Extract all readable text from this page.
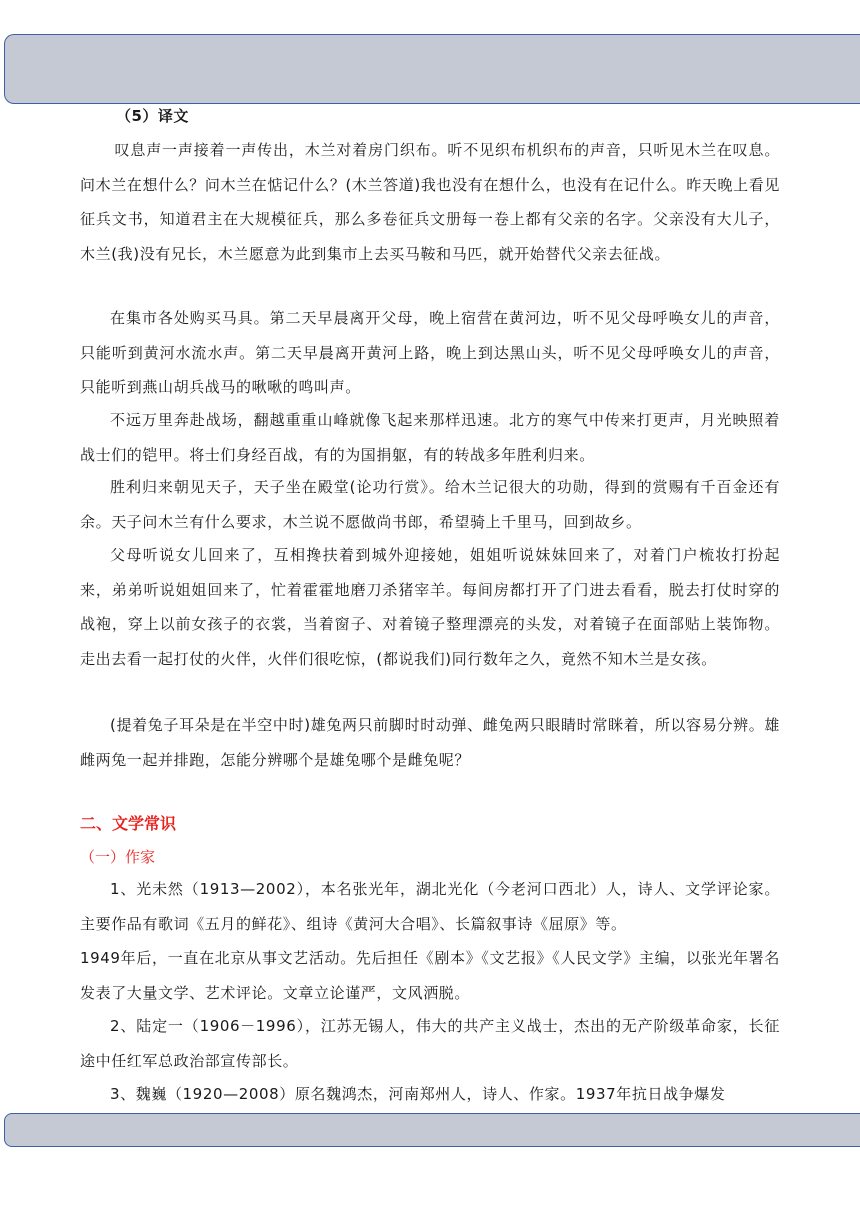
（5）译文

叹息声一声接着一声传出，木兰对着房门织布。听不见织布机织布的声音，只听见木兰在叹息。问木兰在想什么？问木兰在惦记什么？(木兰答道)我也没有在想什么，也没有在记什么。昨天晚上看见征兵文书，知道君主在大规模征兵，那么多卷征兵文册每一卷上都有父亲的名字。父亲没有大儿子，木兰(我)没有兄长，木兰愿意为此到集市上去买马鞍和马匹，就开始替代父亲去征战。

在集市各处购买马具。第二天早晨离开父母，晚上宿营在黄河边，听不见父母呼唤女儿的声音，只能听到黄河水流水声。第二天早晨离开黄河上路，晚上到达黑山头，听不见父母呼唤女儿的声音，只能听到燕山胡兵战马的啾啾的鸣叫声。

不远万里奔赴战场，翻越重重山峰就像飞起来那样迅速。北方的寒气中传来打更声，月光映照着战士们的铠甲。将士们身经百战，有的为国捐躯，有的转战多年胜利归来。

胜利归来朝见天子，天子坐在殿堂(论功行赏》。给木兰记很大的功勋，得到的赏赐有千百金还有余。天子问木兰有什么要求，木兰说不愿做尚书郎，希望骑上千里马，回到故乡。

父母听说女儿回来了，互相搀扶着到城外迎接她，姐姐听说妹妹回来了，对着门户梳妆打扮起来，弟弟听说姐姐回来了，忙着霍霍地磨刀杀猪宰羊。每间房都打开了门进去看看，脱去打仗时穿的战袍，穿上以前女孩子的衣裳，当着窗子、对着镜子整理漂亮的头发，对着镜子在面部贴上装饰物。走出去看一起打仗的火伴，火伴们很吃惊，(都说我们)同行数年之久，竟然不知木兰是女孩。

(提着兔子耳朵是在半空中时)雄兔两只前脚时时动弹、雌兔两只眼睛时常眯着，所以容易分辨。雄雌两兔一起并排跑，怎能分辨哪个是雄兔哪个是雌兔呢？

二、文学常识
（一）作家

1、光未然（1913—2002），本名张光年，湖北光化（今老河口西北）人，诗人、文学评论家。主要作品有歌词《五月的鲜花》、组诗《黄河大合唱》、长篇叙事诗《屈原》等。

1949年后，一直在北京从事文艺活动。先后担任《剧本》《文艺报》《人民文学》主编，以张光年署名发表了大量文学、艺术评论。文章立论谨严，文风洒脱。

2、陆定一（1906－1996），江苏无锡人，伟大的共产主义战士，杰出的无产阶级革命家，长征途中任红军总政治部宣传部长。

3、魏巍（1920—2008）原名魏鸿杰，河南郑州人，诗人、作家。1937年抗日战争爆发
